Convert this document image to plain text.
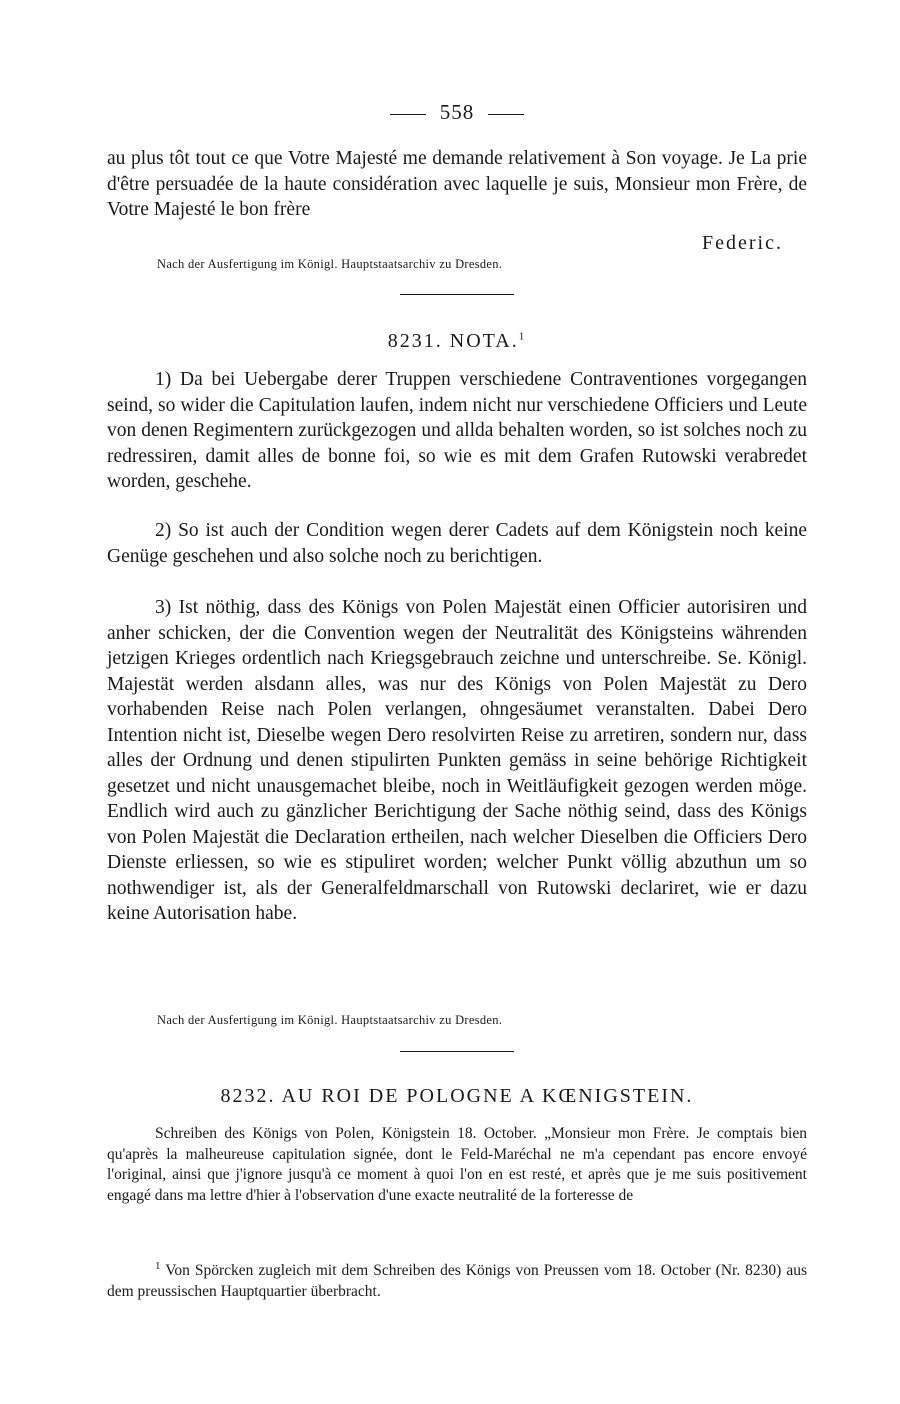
558
au plus tôt tout ce que Votre Majesté me demande relativement à Son voyage. Je La prie d'être persuadée de la haute considération avec laquelle je suis, Monsieur mon Frère, de Votre Majesté le bon frère
Federic.
Nach der Ausfertigung im Königl. Hauptstaatsarchiv zu Dresden.
8231. NOTA.$^1$
1) Da bei Uebergabe derer Truppen verschiedene Contraventiones vorgegangen seind, so wider die Capitulation laufen, indem nicht nur verschiedene Officiers und Leute von denen Regimentern zurückgezogen und allda behalten worden, so ist solches noch zu redressiren, damit alles de bonne foi, so wie es mit dem Grafen Rutowski verabredet worden, geschehe.
2) So ist auch der Condition wegen derer Cadets auf dem Königstein noch keine Genüge geschehen und also solche noch zu berichtigen.
3) Ist nöthig, dass des Königs von Polen Majestät einen Officier autorisiren und anher schicken, der die Convention wegen der Neutralität des Königsteins währenden jetzigen Krieges ordentlich nach Kriegsgebrauch zeichne und unterschreibe. Se. Königl. Majestät werden alsdann alles, was nur des Königs von Polen Majestät zu Dero vorhabenden Reise nach Polen verlangen, ohngesäumet veranstalten. Dabei Dero Intention nicht ist, Dieselbe wegen Dero resolvirten Reise zu arretiren, sondern nur, dass alles der Ordnung und denen stipulirten Punkten gemäss in seine behörige Richtigkeit gesetzet und nicht unausgemachet bleibe, noch in Weitläufigkeit gezogen werden möge. Endlich wird auch zu gänzlicher Berichtigung der Sache nöthig seind, dass des Königs von Polen Majestät die Declaration ertheilen, nach welcher Dieselben die Officiers Dero Dienste erliessen, so wie es stipuliret worden; welcher Punkt völlig abzuthun um so nothwendiger ist, als der Generalfeldmarschall von Rutowski declariret, wie er dazu keine Autorisation habe.
Nach der Ausfertigung im Königl. Hauptstaatsarchiv zu Dresden.
8232. AU ROI DE POLOGNE A KŒNIGSTEIN.
Schreiben des Königs von Polen, Königstein 18. October. „Monsieur mon Frère. Je comptais bien qu'après la malheureuse capitulation signée, dont le Feld-Maréchal ne m'a cependant pas encore envoyé l'original, ainsi que j'ignore jusqu'à ce moment à quoi l'on en est resté, et après que je me suis positivement engagé dans ma lettre d'hier à l'observation d'une exacte neutralité de la forteresse de
$^1$ Von Spörcken zugleich mit dem Schreiben des Königs von Preussen vom 18. October (Nr. 8230) aus dem preussischen Hauptquartier überbracht.
